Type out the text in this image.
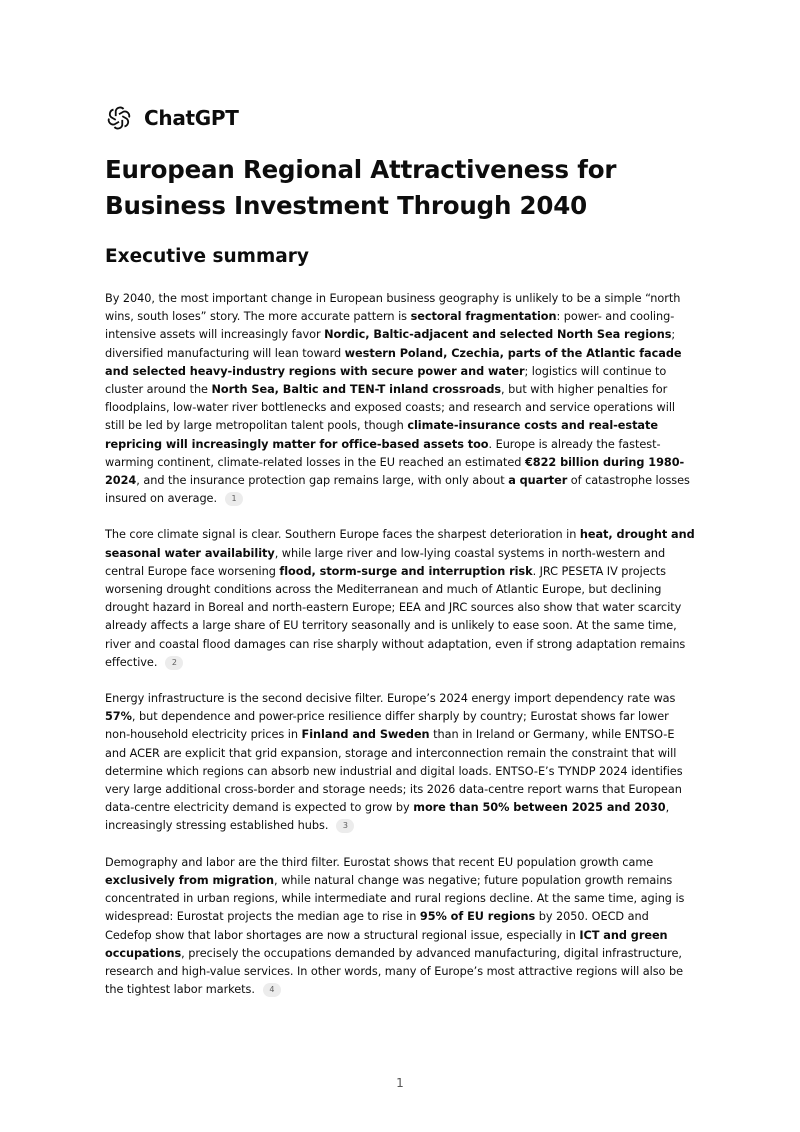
ChatGPT
European Regional Attractiveness for Business Investment Through 2040
Executive summary

By 2040, the most important change in European business geography is unlikely to be a simple “north wins, south loses” story. The more accurate pattern is sectoral fragmentation: power- and cooling-intensive assets will increasingly favor Nordic, Baltic-adjacent and selected North Sea regions; diversified manufacturing will lean toward western Poland, Czechia, parts of the Atlantic facade and selected heavy-industry regions with secure power and water; logistics will continue to cluster around the North Sea, Baltic and TEN-T inland crossroads, but with higher penalties for floodplains, low-water river bottlenecks and exposed coasts; and research and service operations will still be led by large metropolitan talent pools, though climate-insurance costs and real-estate repricing will increasingly matter for office-based assets too. Europe is already the fastest-warming continent, climate-related losses in the EU reached an estimated €822 billion during 1980-2024, and the insurance protection gap remains large, with only about a quarter of catastrophe losses insured on average. 1

The core climate signal is clear. Southern Europe faces the sharpest deterioration in heat, drought and seasonal water availability, while large river and low-lying coastal systems in north-western and central Europe face worsening flood, storm-surge and interruption risk. JRC PESETA IV projects worsening drought conditions across the Mediterranean and much of Atlantic Europe, but declining drought hazard in Boreal and north-eastern Europe; EEA and JRC sources also show that water scarcity already affects a large share of EU territory seasonally and is unlikely to ease soon. At the same time, river and coastal flood damages can rise sharply without adaptation, even if strong adaptation remains effective. 2

Energy infrastructure is the second decisive filter. Europe’s 2024 energy import dependency rate was 57%, but dependence and power-price resilience differ sharply by country; Eurostat shows far lower non-household electricity prices in Finland and Sweden than in Ireland or Germany, while ENTSO-E and ACER are explicit that grid expansion, storage and interconnection remain the constraint that will determine which regions can absorb new industrial and digital loads. ENTSO-E’s TYNDP 2024 identifies very large additional cross-border and storage needs; its 2026 data-centre report warns that European data-centre electricity demand is expected to grow by more than 50% between 2025 and 2030, increasingly stressing established hubs. 3

Demography and labor are the third filter. Eurostat shows that recent EU population growth came exclusively from migration, while natural change was negative; future population growth remains concentrated in urban regions, while intermediate and rural regions decline. At the same time, aging is widespread: Eurostat projects the median age to rise in 95% of EU regions by 2050. OECD and Cedefop show that labor shortages are now a structural regional issue, especially in ICT and green occupations, precisely the occupations demanded by advanced manufacturing, digital infrastructure, research and high-value services. In other words, many of Europe’s most attractive regions will also be the tightest labor markets. 4

1
